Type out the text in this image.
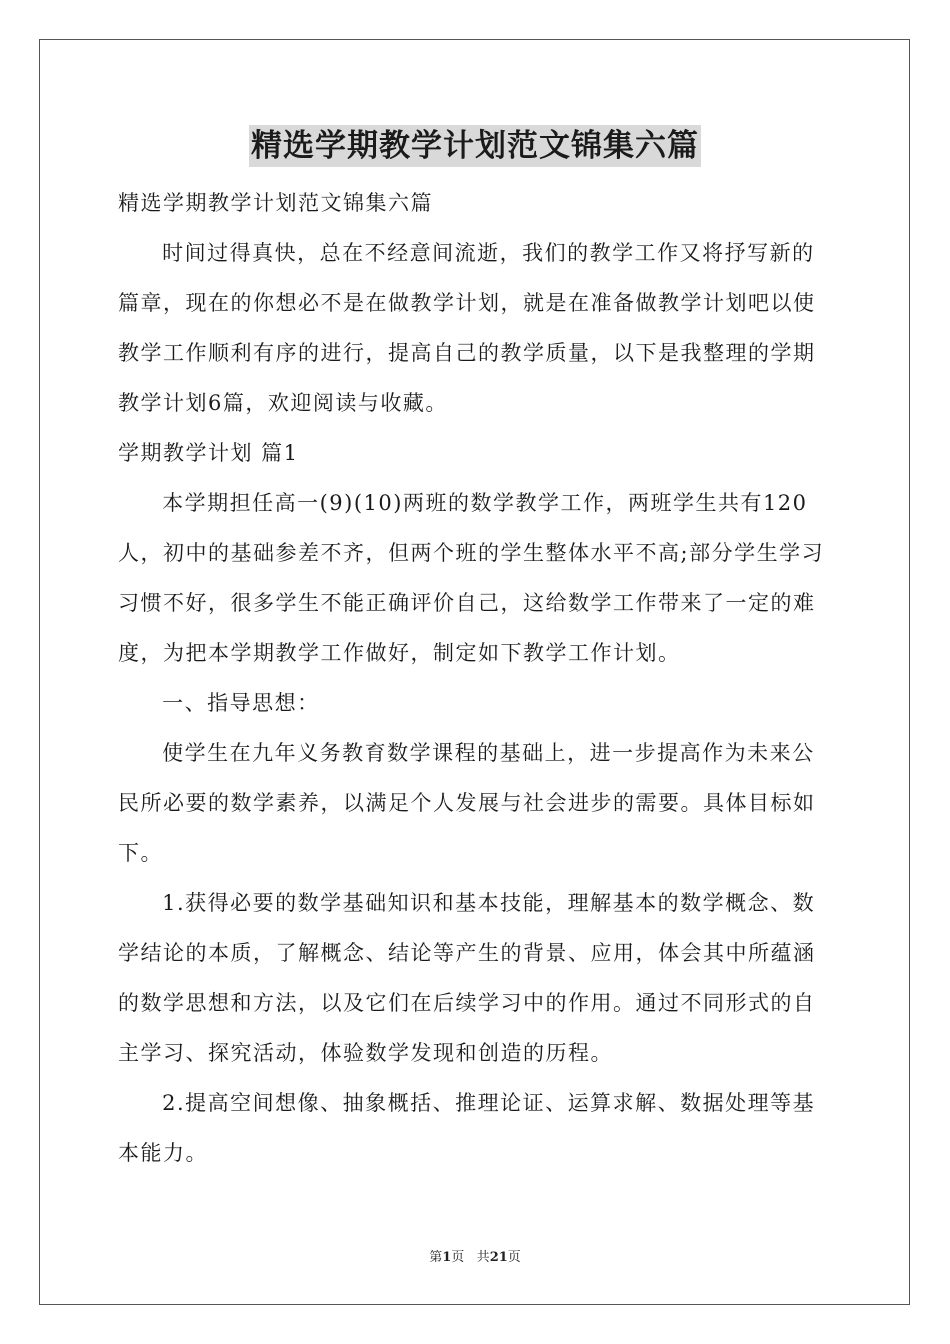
精选学期教学计划范文锦集六篇

精选学期教学计划范文锦集六篇

时间过得真快，总在不经意间流逝，我们的教学工作又将抒写新的篇章，现在的你想必不是在做教学计划，就是在准备做教学计划吧以使教学工作顺利有序的进行，提高自己的教学质量，以下是我整理的学期教学计划6篇，欢迎阅读与收藏。

学期教学计划 篇1

本学期担任高一(9)(10)两班的数学教学工作，两班学生共有120人，初中的基础参差不齐，但两个班的学生整体水平不高;部分学生学习习惯不好，很多学生不能正确评价自己，这给数学工作带来了一定的难度，为把本学期教学工作做好，制定如下教学工作计划。

一、指导思想：

使学生在九年义务教育数学课程的基础上，进一步提高作为未来公民所必要的数学素养，以满足个人发展与社会进步的需要。具体目标如下。

1.获得必要的数学基础知识和基本技能，理解基本的数学概念、数学结论的本质，了解概念、结论等产生的背景、应用，体会其中所蕴涵的数学思想和方法，以及它们在后续学习中的作用。通过不同形式的自主学习、探究活动，体验数学发现和创造的历程。

2.提高空间想像、抽象概括、推理论证、运算求解、数据处理等基本能力。

第1页 共21页
